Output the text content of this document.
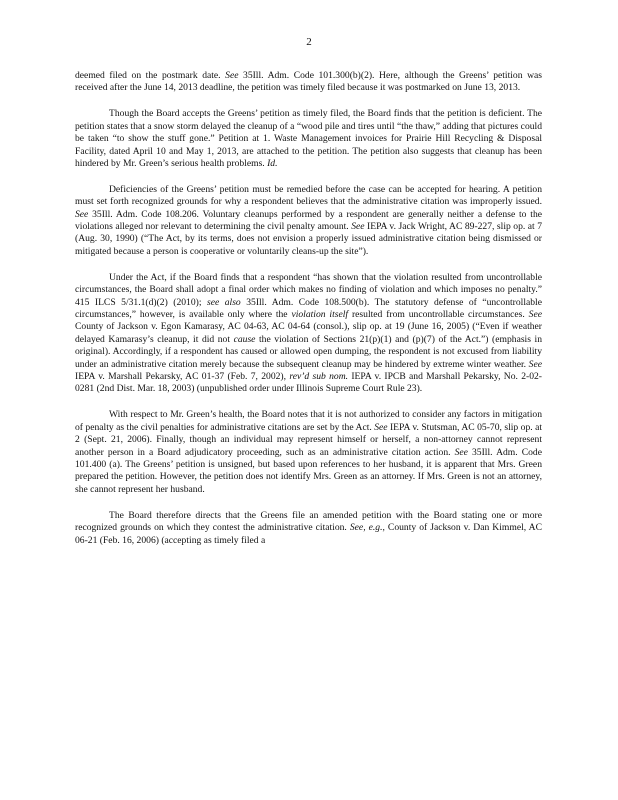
2

deemed filed on the postmark date. See 35Ill. Adm. Code 101.300(b)(2). Here, although the Greens’ petition was received after the June 14, 2013 deadline, the petition was timely filed because it was postmarked on June 13, 2013.

Though the Board accepts the Greens’ petition as timely filed, the Board finds that the petition is deficient. The petition states that a snow storm delayed the cleanup of a “wood pile and tires until “the thaw,” adding that pictures could be taken “to show the stuff gone.” Petition at 1. Waste Management invoices for Prairie Hill Recycling & Disposal Facility, dated April 10 and May 1, 2013, are attached to the petition. The petition also suggests that cleanup has been hindered by Mr. Green’s serious health problems. Id.

Deficiencies of the Greens’ petition must be remedied before the case can be accepted for hearing. A petition must set forth recognized grounds for why a respondent believes that the administrative citation was improperly issued. See 35Ill. Adm. Code 108.206. Voluntary cleanups performed by a respondent are generally neither a defense to the violations alleged nor relevant to determining the civil penalty amount. See IEPA v. Jack Wright, AC 89-227, slip op. at 7 (Aug. 30, 1990) (“The Act, by its terms, does not envision a properly issued administrative citation being dismissed or mitigated because a person is cooperative or voluntarily cleans-up the site”).

Under the Act, if the Board finds that a respondent “has shown that the violation resulted from uncontrollable circumstances, the Board shall adopt a final order which makes no finding of violation and which imposes no penalty.” 415 ILCS 5/31.1(d)(2) (2010); see also 35Ill. Adm. Code 108.500(b). The statutory defense of “uncontrollable circumstances,” however, is available only where the violation itself resulted from uncontrollable circumstances. See County of Jackson v. Egon Kamarasy, AC 04-63, AC 04-64 (consol.), slip op. at 19 (June 16, 2005) (“Even if weather delayed Kamarasy’s cleanup, it did not cause the violation of Sections 21(p)(1) and (p)(7) of the Act.”) (emphasis in original). Accordingly, if a respondent has caused or allowed open dumping, the respondent is not excused from liability under an administrative citation merely because the subsequent cleanup may be hindered by extreme winter weather. See IEPA v. Marshall Pekarsky, AC 01-37 (Feb. 7, 2002), rev’d sub nom. IEPA v. IPCB and Marshall Pekarsky, No. 2-02-0281 (2nd Dist. Mar. 18, 2003) (unpublished order under Illinois Supreme Court Rule 23).

With respect to Mr. Green’s health, the Board notes that it is not authorized to consider any factors in mitigation of penalty as the civil penalties for administrative citations are set by the Act. See IEPA v. Stutsman, AC 05-70, slip op. at 2 (Sept. 21, 2006). Finally, though an individual may represent himself or herself, a non-attorney cannot represent another person in a Board adjudicatory proceeding, such as an administrative citation action. See 35Ill. Adm. Code 101.400 (a). The Greens’ petition is unsigned, but based upon references to her husband, it is apparent that Mrs. Green prepared the petition. However, the petition does not identify Mrs. Green as an attorney. If Mrs. Green is not an attorney, she cannot represent her husband.

The Board therefore directs that the Greens file an amended petition with the Board stating one or more recognized grounds on which they contest the administrative citation. See, e.g., County of Jackson v. Dan Kimmel, AC 06-21 (Feb. 16, 2006) (accepting as timely filed a
